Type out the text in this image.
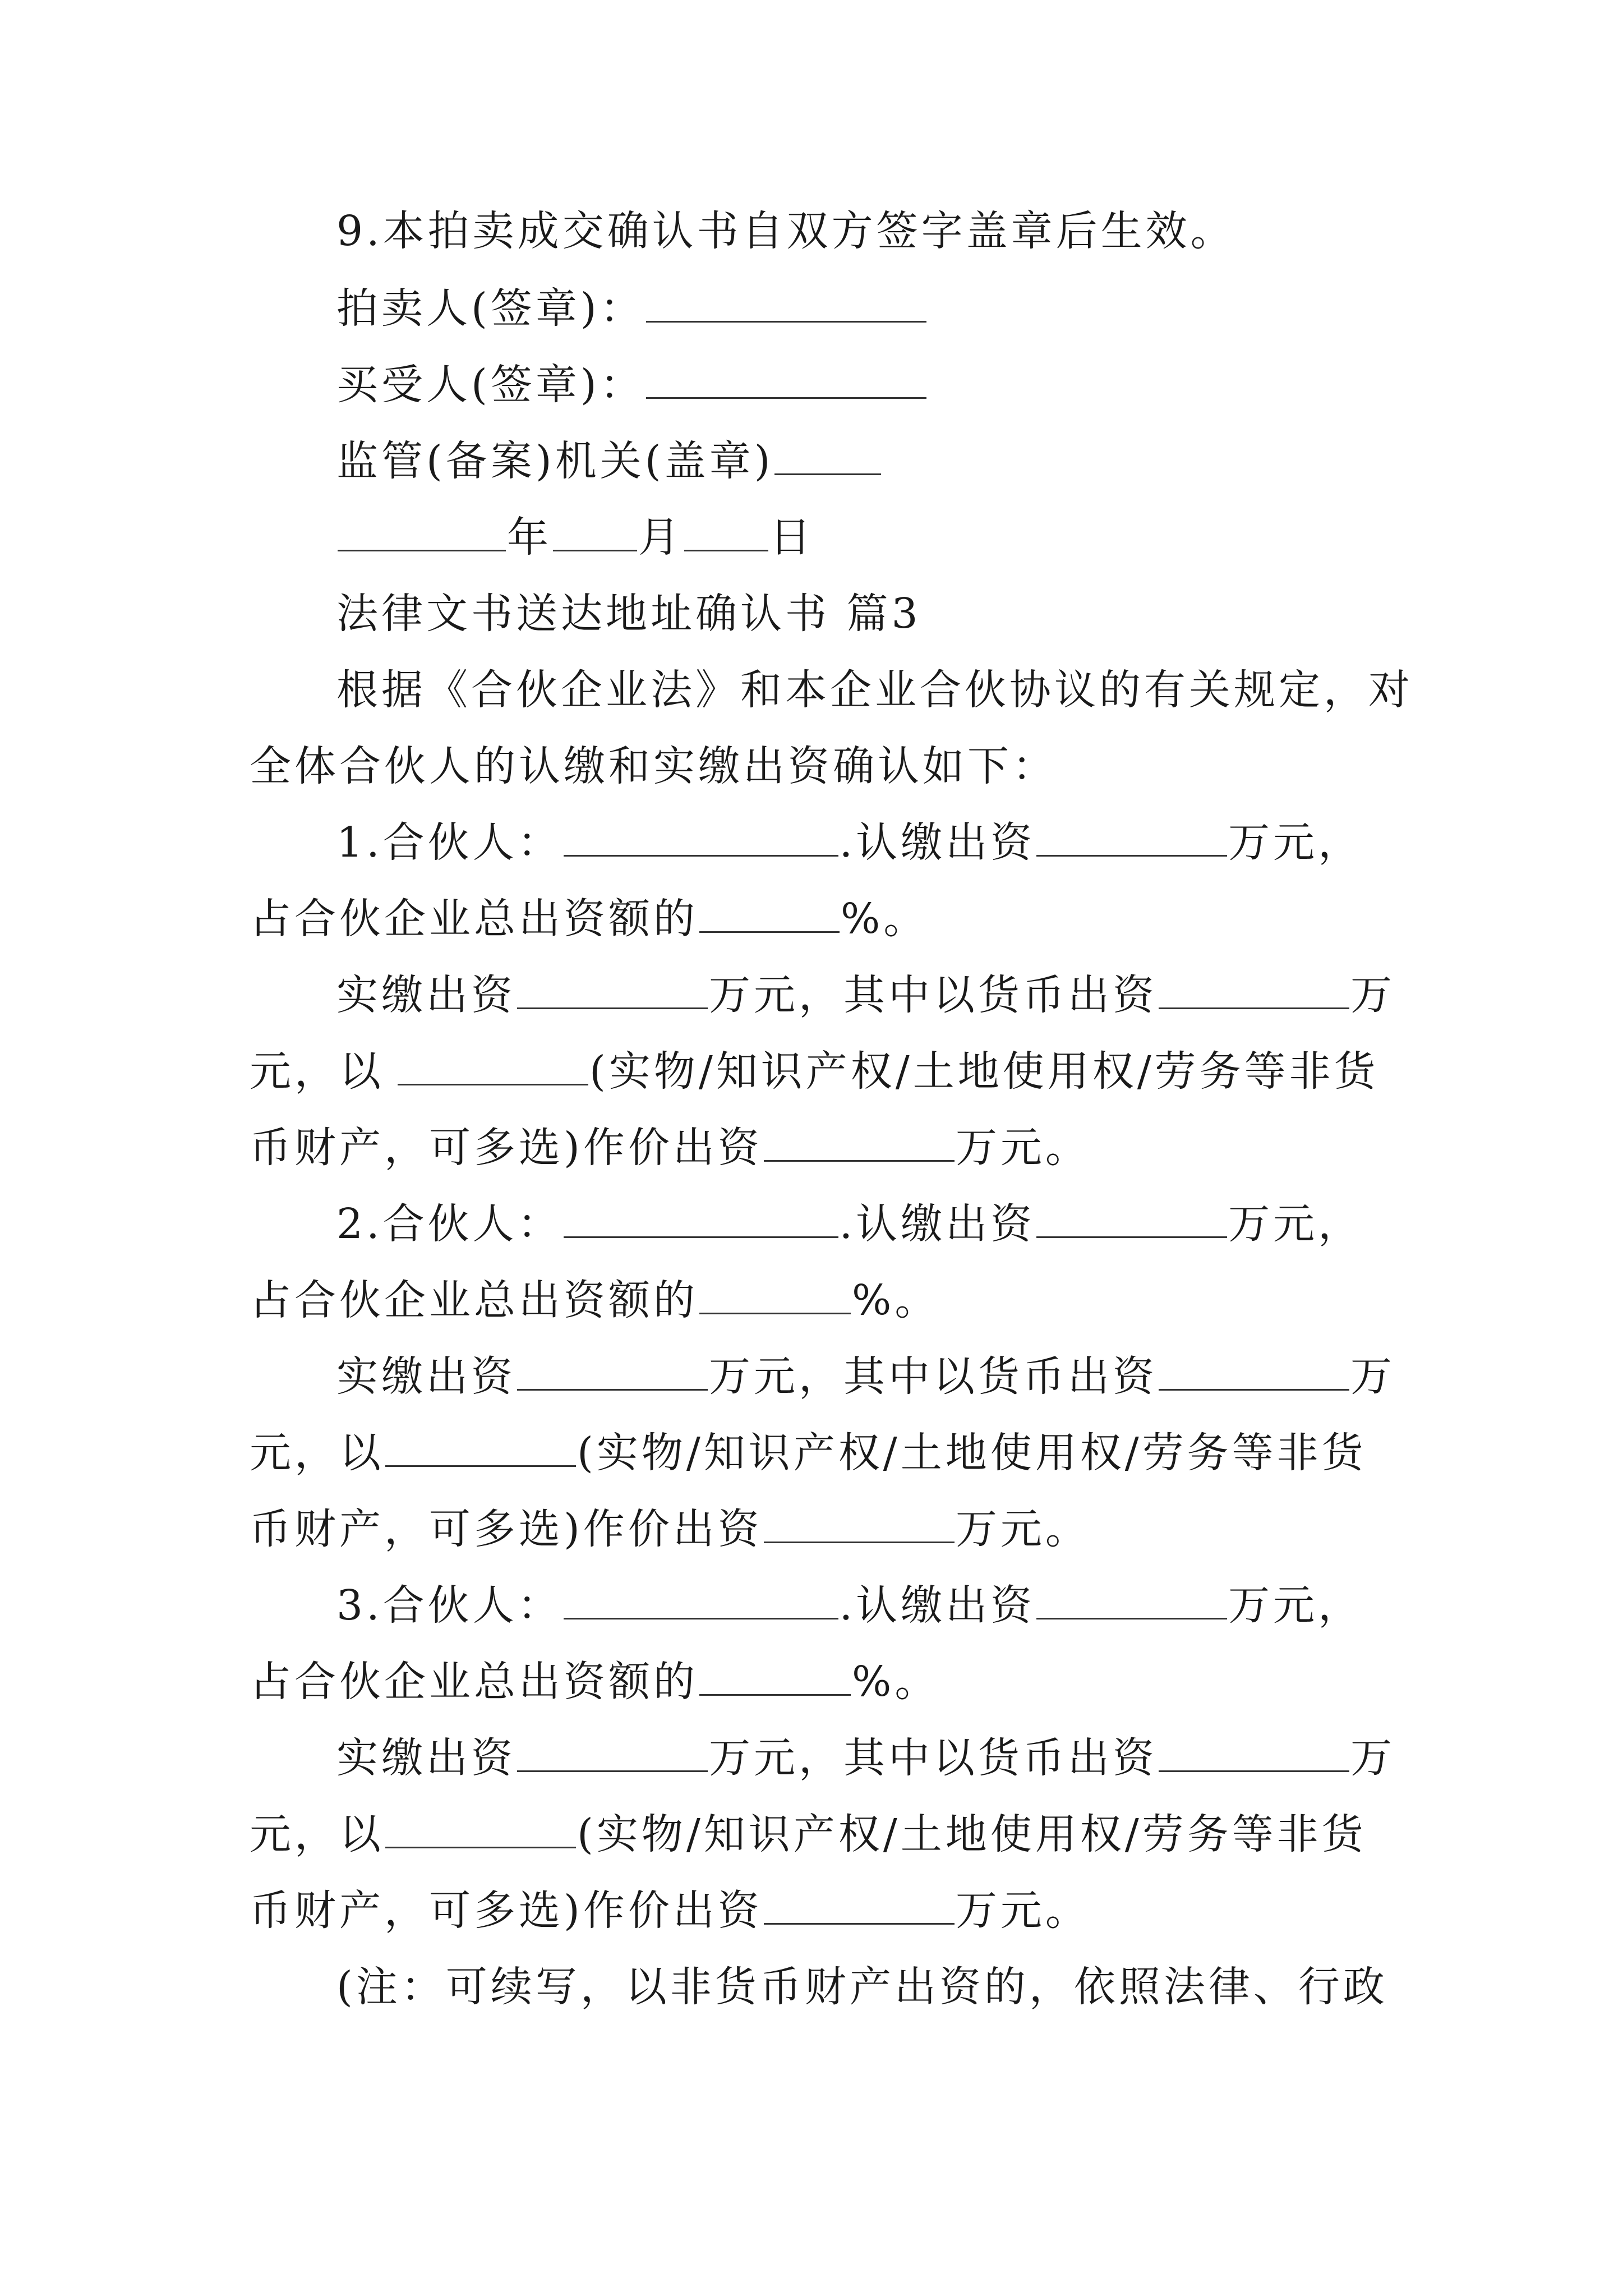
9.本拍卖成交确认书自双方签字盖章后生效。
拍卖人(签章)：
买受人(签章)：
监管(备案)机关(盖章)
年 月 日
法律文书送达地址确认书 篇3
根据《合伙企业法》和本企业合伙协议的有关规定，对
全体合伙人的认缴和实缴出资确认如下：
1.合伙人：	.认缴出资	万元，
占合伙企业总出资额的	%。
实缴出资	万元，其中以货币出资	万
元，以	(实物/知识产权/土地使用权/劳务等非货
币财产，可多选)作价出资	万元。
2.合伙人：	.认缴出资	万元，
占合伙企业总出资额的	%。
实缴出资	万元，其中以货币出资	万
元，以	(实物/知识产权/土地使用权/劳务等非货
币财产，可多选)作价出资	万元。
3.合伙人：	.认缴出资	万元，
占合伙企业总出资额的	%。
实缴出资	万元，其中以货币出资	万
元，以	(实物/知识产权/土地使用权/劳务等非货
币财产，可多选)作价出资	万元。
(注：可续写，以非货币财产出资的，依照法律、行政
